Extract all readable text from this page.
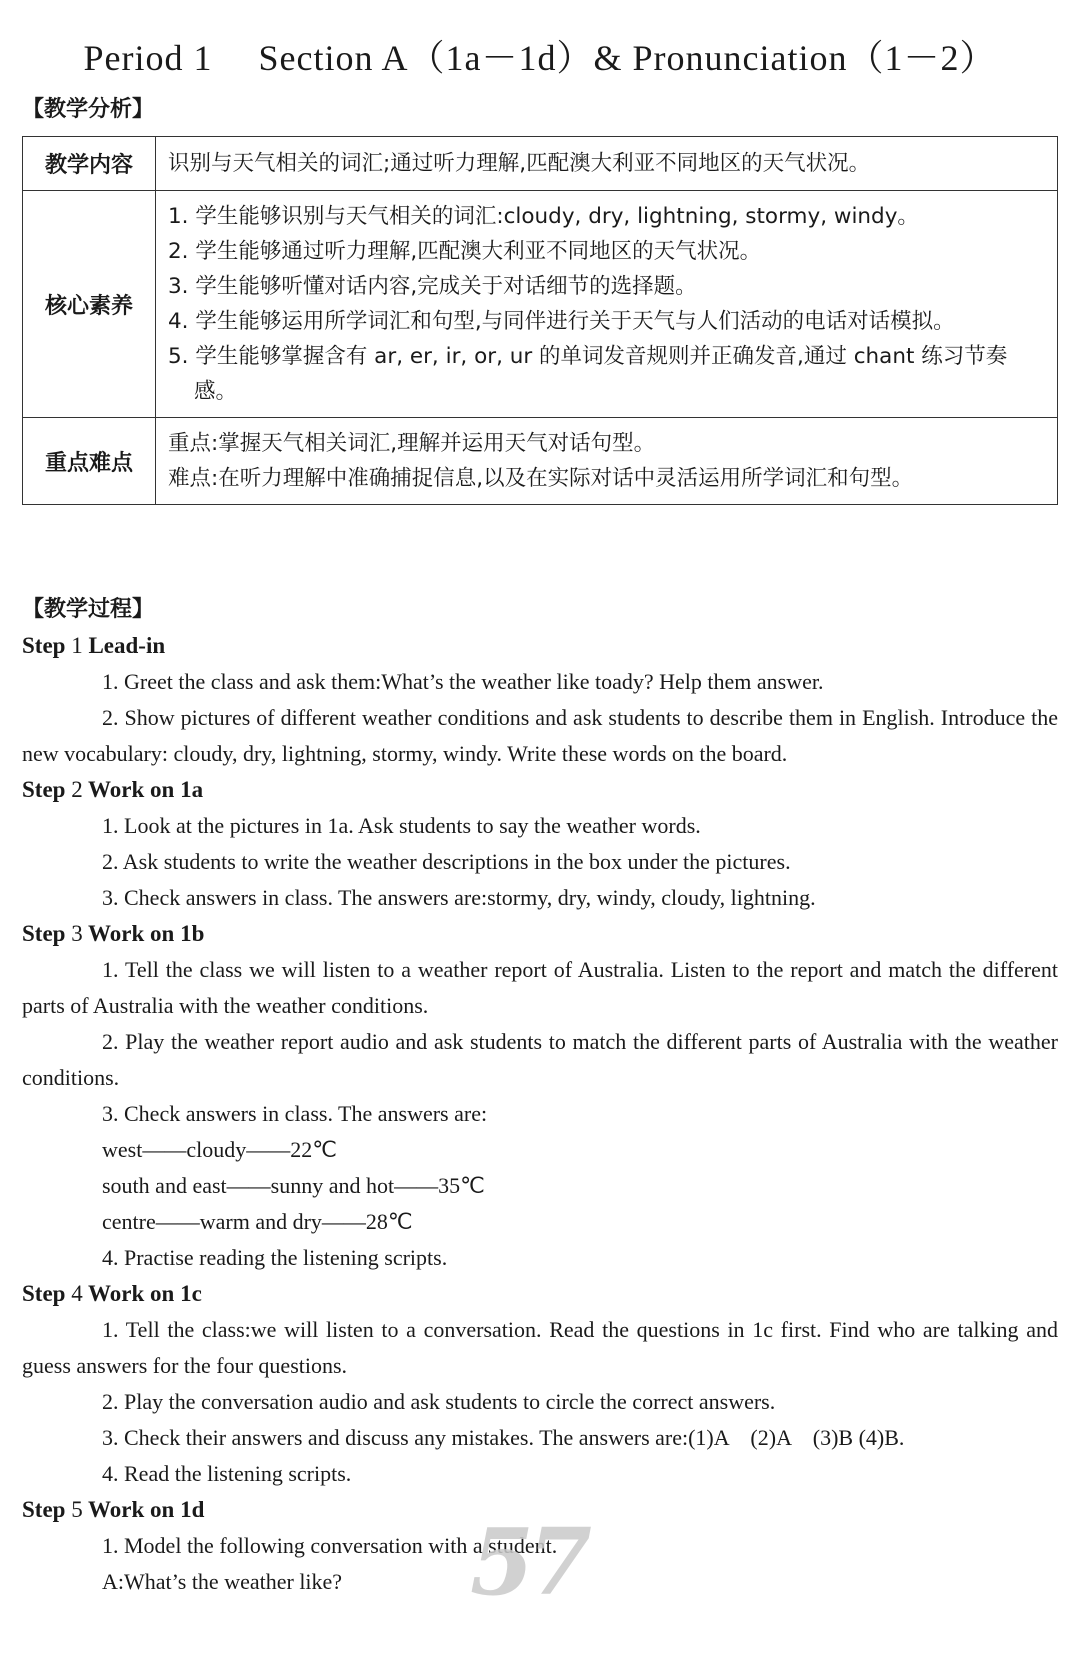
Period 1 Section A（1a－1d）& Pronunciation（1－2）
【教学分析】
教学内容	识别与天气相关的词汇;通过听力理解,匹配澳大利亚不同地区的天气状况。
核心素养	1. 学生能够识别与天气相关的词汇:cloudy, dry, lightning, stormy, windy。
2. 学生能够通过听力理解,匹配澳大利亚不同地区的天气状况。
3. 学生能够听懂对话内容,完成关于对话细节的选择题。
4. 学生能够运用所学词汇和句型,与同伴进行关于天气与人们活动的电话对话模拟。
5. 学生能够掌握含有 ar, er, ir, or, ur 的单词发音规则并正确发音,通过 chant 练习节奏感。

重点难点	重点:掌握天气相关词汇,理解并运用天气对话句型。
难点:在听力理解中准确捕捉信息,以及在实际对话中灵活运用所学词汇和句型。
【教学过程】
Step 1 Lead-in
1. Greet the class and ask them:What’s the weather like toady? Help them answer.
2. Show pictures of different weather conditions and ask students to describe them in English. Introduce the new vocabulary: cloudy, dry, lightning, stormy, windy. Write these words on the board.
Step 2 Work on 1a
1. Look at the pictures in 1a. Ask students to say the weather words.
2. Ask students to write the weather descriptions in the box under the pictures.
3. Check answers in class. The answers are:stormy, dry, windy, cloudy, lightning.
Step 3 Work on 1b
1. Tell the class we will listen to a weather report of Australia. Listen to the report and match the different parts of Australia with the weather conditions.
2. Play the weather report audio and ask students to match the different parts of Australia with the weather conditions.
3. Check answers in class. The answers are:
west——cloudy——22℃
south and east——sunny and hot——35℃
centre——warm and dry——28℃
4. Practise reading the listening scripts.
Step 4 Work on 1c
1. Tell the class:we will listen to a conversation. Read the questions in 1c first. Find who are talking and guess answers for the four questions.
2. Play the conversation audio and ask students to circle the correct answers.
3. Check their answers and discuss any mistakes. The answers are:(1)A　(2)A　(3)B (4)B.
4. Read the listening scripts.
Step 5 Work on 1d
1. Model the following conversation with a student.
A:What’s the weather like?	57
